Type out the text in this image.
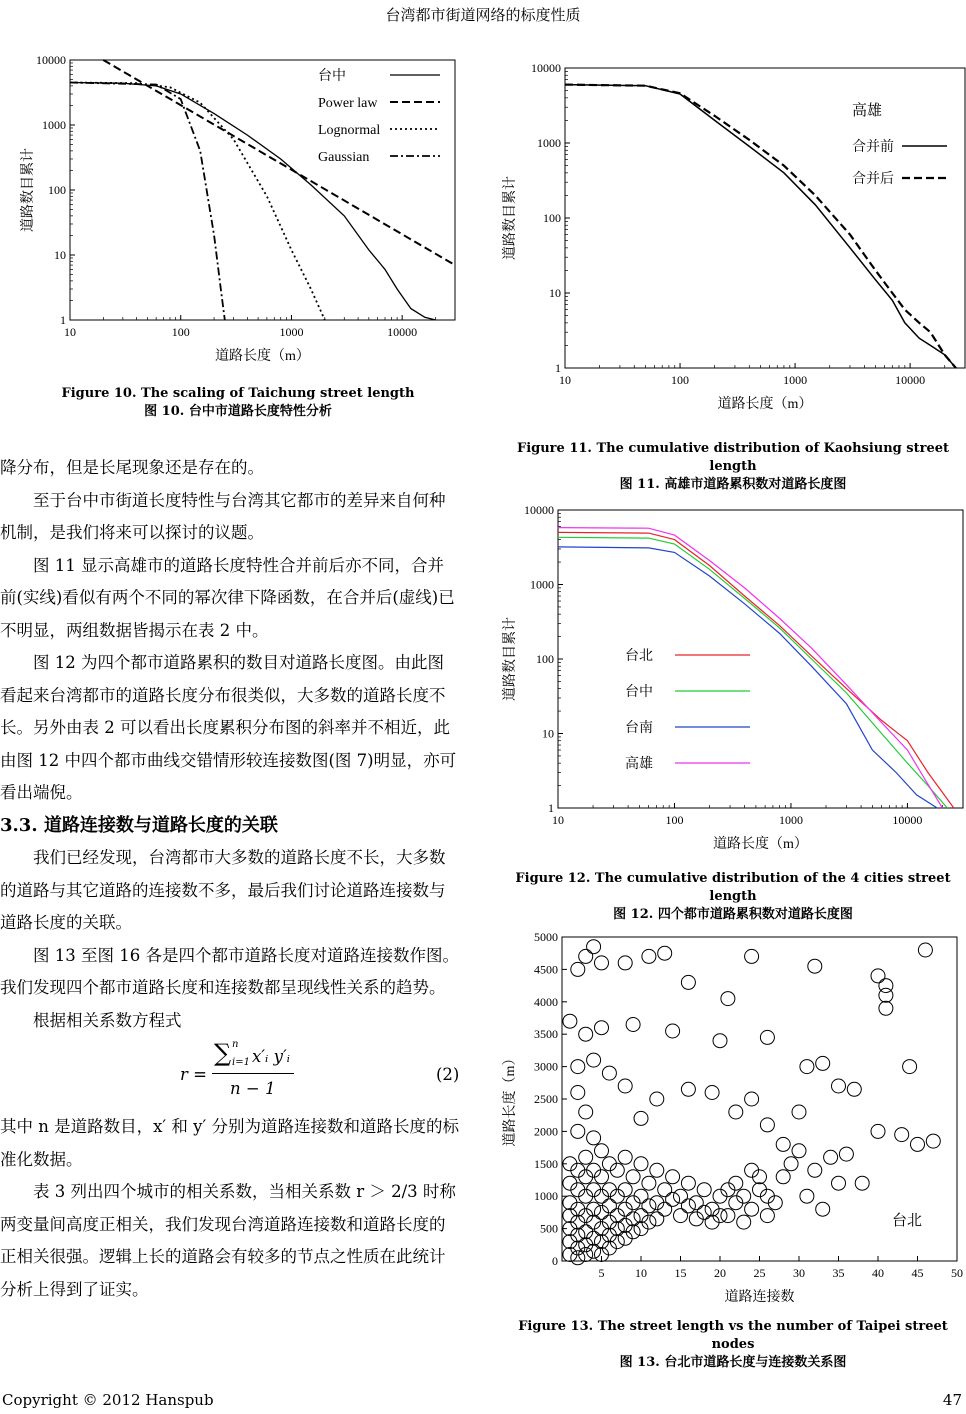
台湾都市街道网络的标度性质
10	100	1000	10000
1
10
100
1000
10000
道路长度（m）
道路数目累计
台中
Power law
Lognormal
Gaussian
Figure 10. The scaling of Taichung street length
图 10. 台中市道路长度特性分析
10	100	1000	10000
1
10
100
1000
10000
道路长度（m）
道路数目累计
高雄
合并前
合并后
Figure 11. The cumulative distribution of Kaohsiung street length
图 11. 高雄市道路累积数对道路长度图
10	100	1000	10000
1
10
100
1000
10000
道路长度（m）
道路数目累计	台北
台中
台南
高雄
Figure 12. The cumulative distribution of the 4 cities street length
图 12. 四个都市道路累积数对道路长度图
5	10 15 20 25 30 35 40 45 50
0
500
1000
1500
2000
2500
3000
3500
4000
4500
5000
道路连接数
道路长度（m）
台北
Figure 13. The street length vs the number of Taipei street nodes
图 13. 台北市道路长度与连接数关系图

降分布，但是长尾现象还是存在的。

至于台中市街道长度特性与台湾其它都市的差异来自何种机制，是我们将来可以探讨的议题。

图 11 显示高雄市的道路长度特性合并前后亦不同，合并前(实线)看似有两个不同的幂次律下降函数，在合并后(虚线)已不明显，两组数据皆揭示在表 2 中。

图 12 为四个都市道路累积的数目对道路长度图。由此图看起来台湾都市的道路长度分布很类似，大多数的道路长度不长。另外由表 2 可以看出长度累积分布图的斜率并不相近，此由图 12 中四个都市曲线交错情形较连接数图(图 7)明显，亦可看出端倪。

3.3. 道路连接数与道路长度的关联

我们已经发现，台湾都市大多数的道路长度不长，大多数的道路与其它道路的连接数不多，最后我们讨论道路连接数与道路长度的关联。

图 13 至图 16 各是四个都市道路长度对道路连接数作图。我们发现四个都市道路长度和连接数都呈现线性关系的趋势。

根据相关系数方程式

r =
∑ n
i=1 x′ᵢ y′ᵢ
n − 1
(2)

其中 n 是道路数目，x′ 和 y′ 分别为道路连接数和道路长度的标准化数据。

表 3 列出四个城市的相关系数，当相关系数 r ＞ 2/3 时称两变量间高度正相关，我们发现台湾道路连接数和道路长度的正相关很强。逻辑上长的道路会有较多的节点之性质在此统计分析上得到了证实。

Copyright © 2012 Hanspub	47
